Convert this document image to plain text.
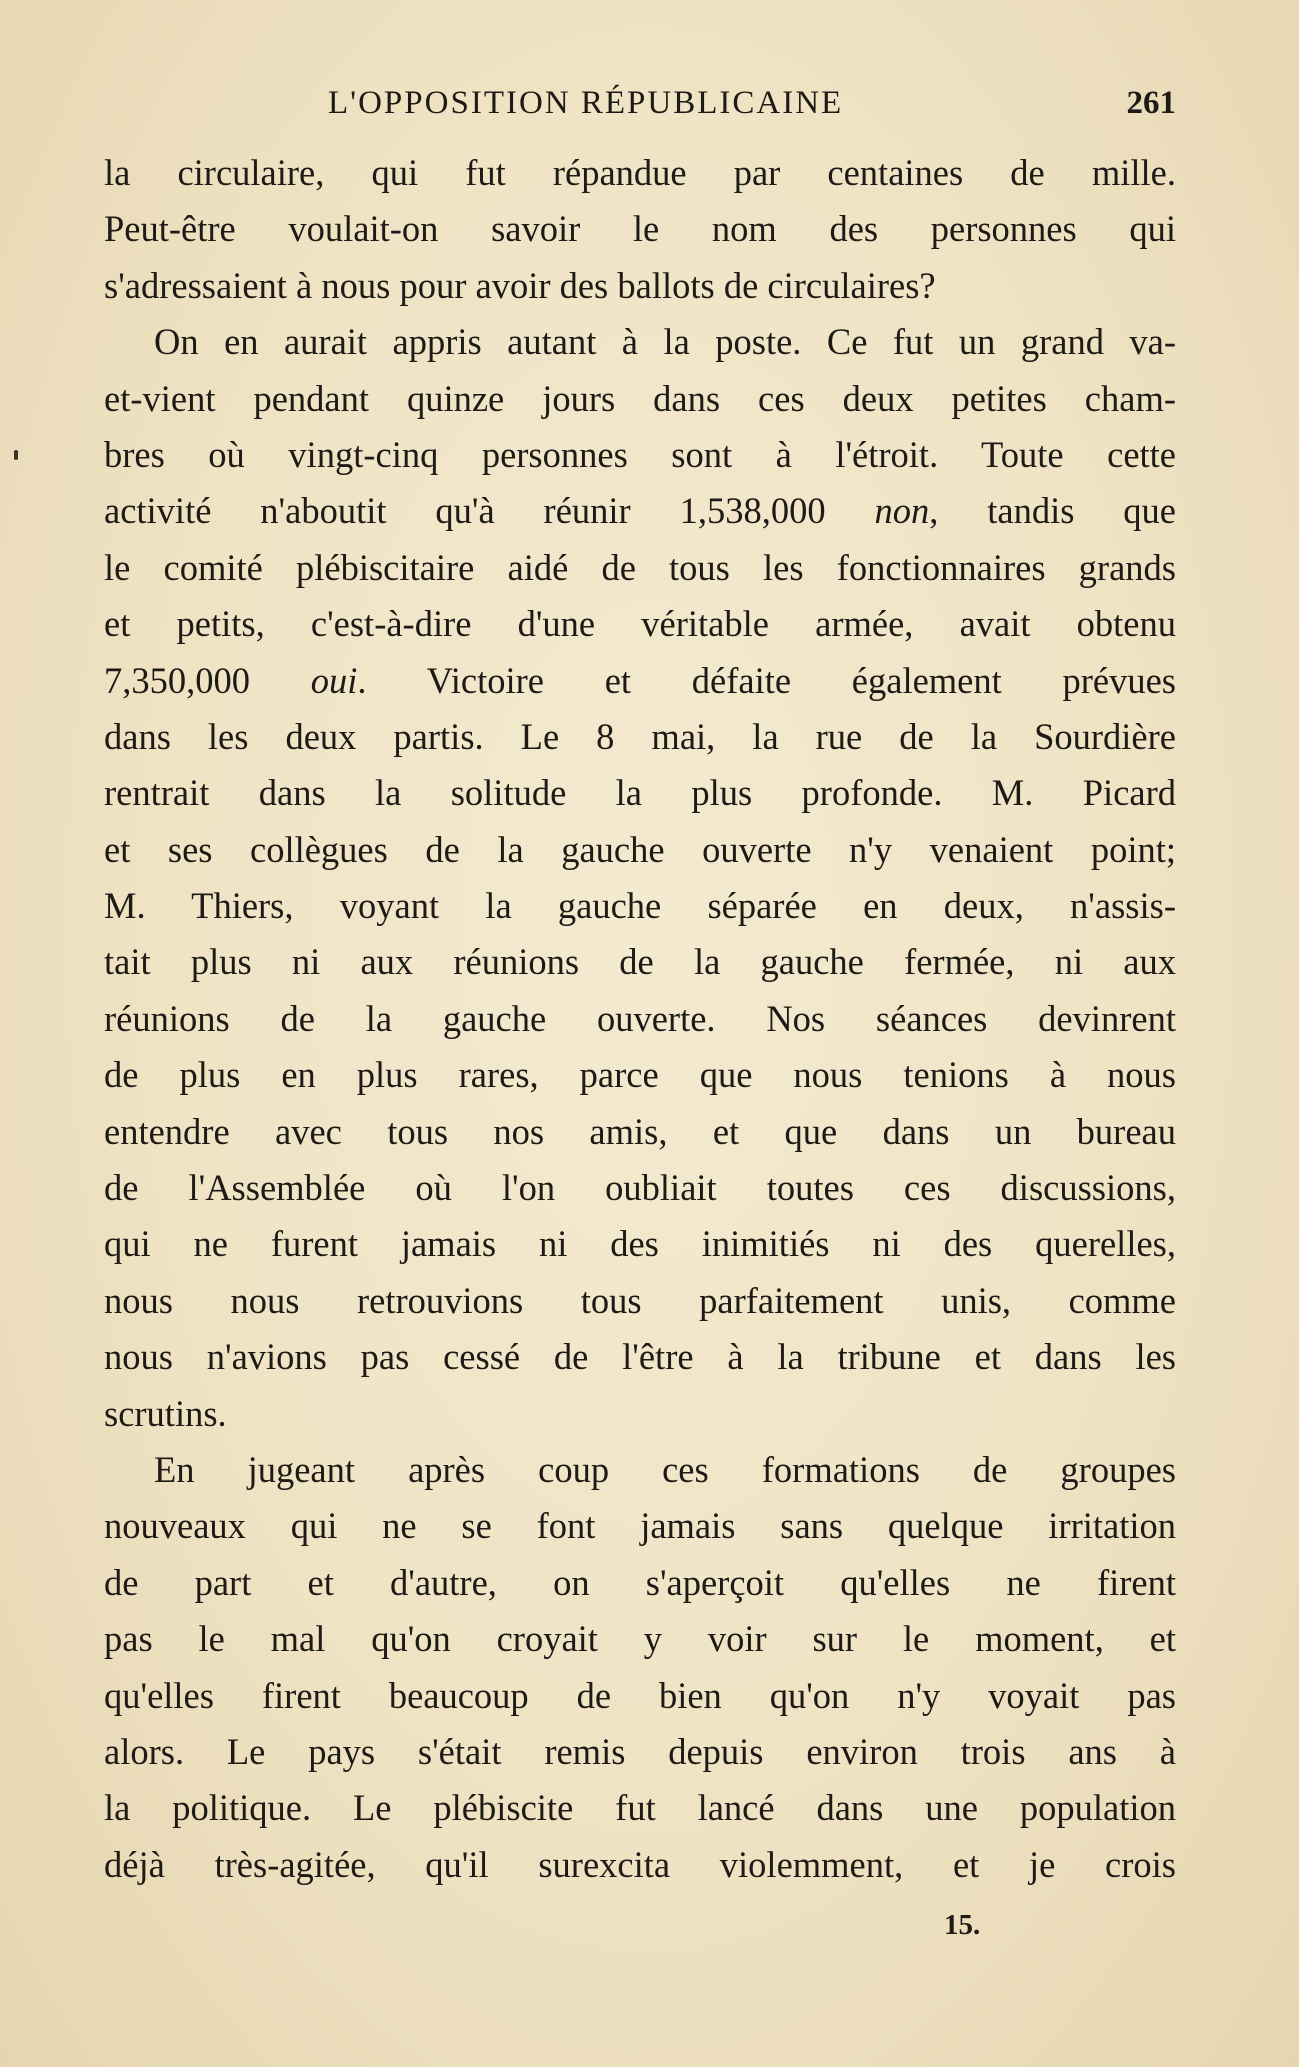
L'OPPOSITION RÉPUBLICAINE	261
la circulaire, qui fut répandue par centaines de mille.
Peut-être voulait-on savoir le nom des personnes qui
s'adressaient à nous pour avoir des ballots de circulaires?
On en aurait appris autant à la poste. Ce fut un grand va-
et-vient pendant quinze jours dans ces deux petites cham-
bres où vingt-cinq personnes sont à l'étroit. Toute cette
activité n'aboutit qu'à réunir 1,538,000 non, tandis que
le comité plébiscitaire aidé de tous les fonctionnaires grands
et petits, c'est-à-dire d'une véritable armée, avait obtenu
7,350,000 oui. Victoire et défaite également prévues
dans les deux partis. Le 8 mai, la rue de la Sourdière
rentrait dans la solitude la plus profonde. M. Picard
et ses collègues de la gauche ouverte n'y venaient point;
M. Thiers, voyant la gauche séparée en deux, n'assis-
tait plus ni aux réunions de la gauche fermée, ni aux
réunions de la gauche ouverte. Nos séances devinrent
de plus en plus rares, parce que nous tenions à nous
entendre avec tous nos amis, et que dans un bureau
de l'Assemblée où l'on oubliait toutes ces discussions,
qui ne furent jamais ni des inimitiés ni des querelles,
nous nous retrouvions tous parfaitement unis, comme
nous n'avions pas cessé de l'être à la tribune et dans les
scrutins.
En jugeant après coup ces formations de groupes
nouveaux qui ne se font jamais sans quelque irritation
de part et d'autre, on s'aperçoit qu'elles ne firent
pas le mal qu'on croyait y voir sur le moment, et
qu'elles firent beaucoup de bien qu'on n'y voyait pas
alors. Le pays s'était remis depuis environ trois ans à
la politique. Le plébiscite fut lancé dans une population
déjà très-agitée, qu'il surexcita violemment, et je crois
15.
